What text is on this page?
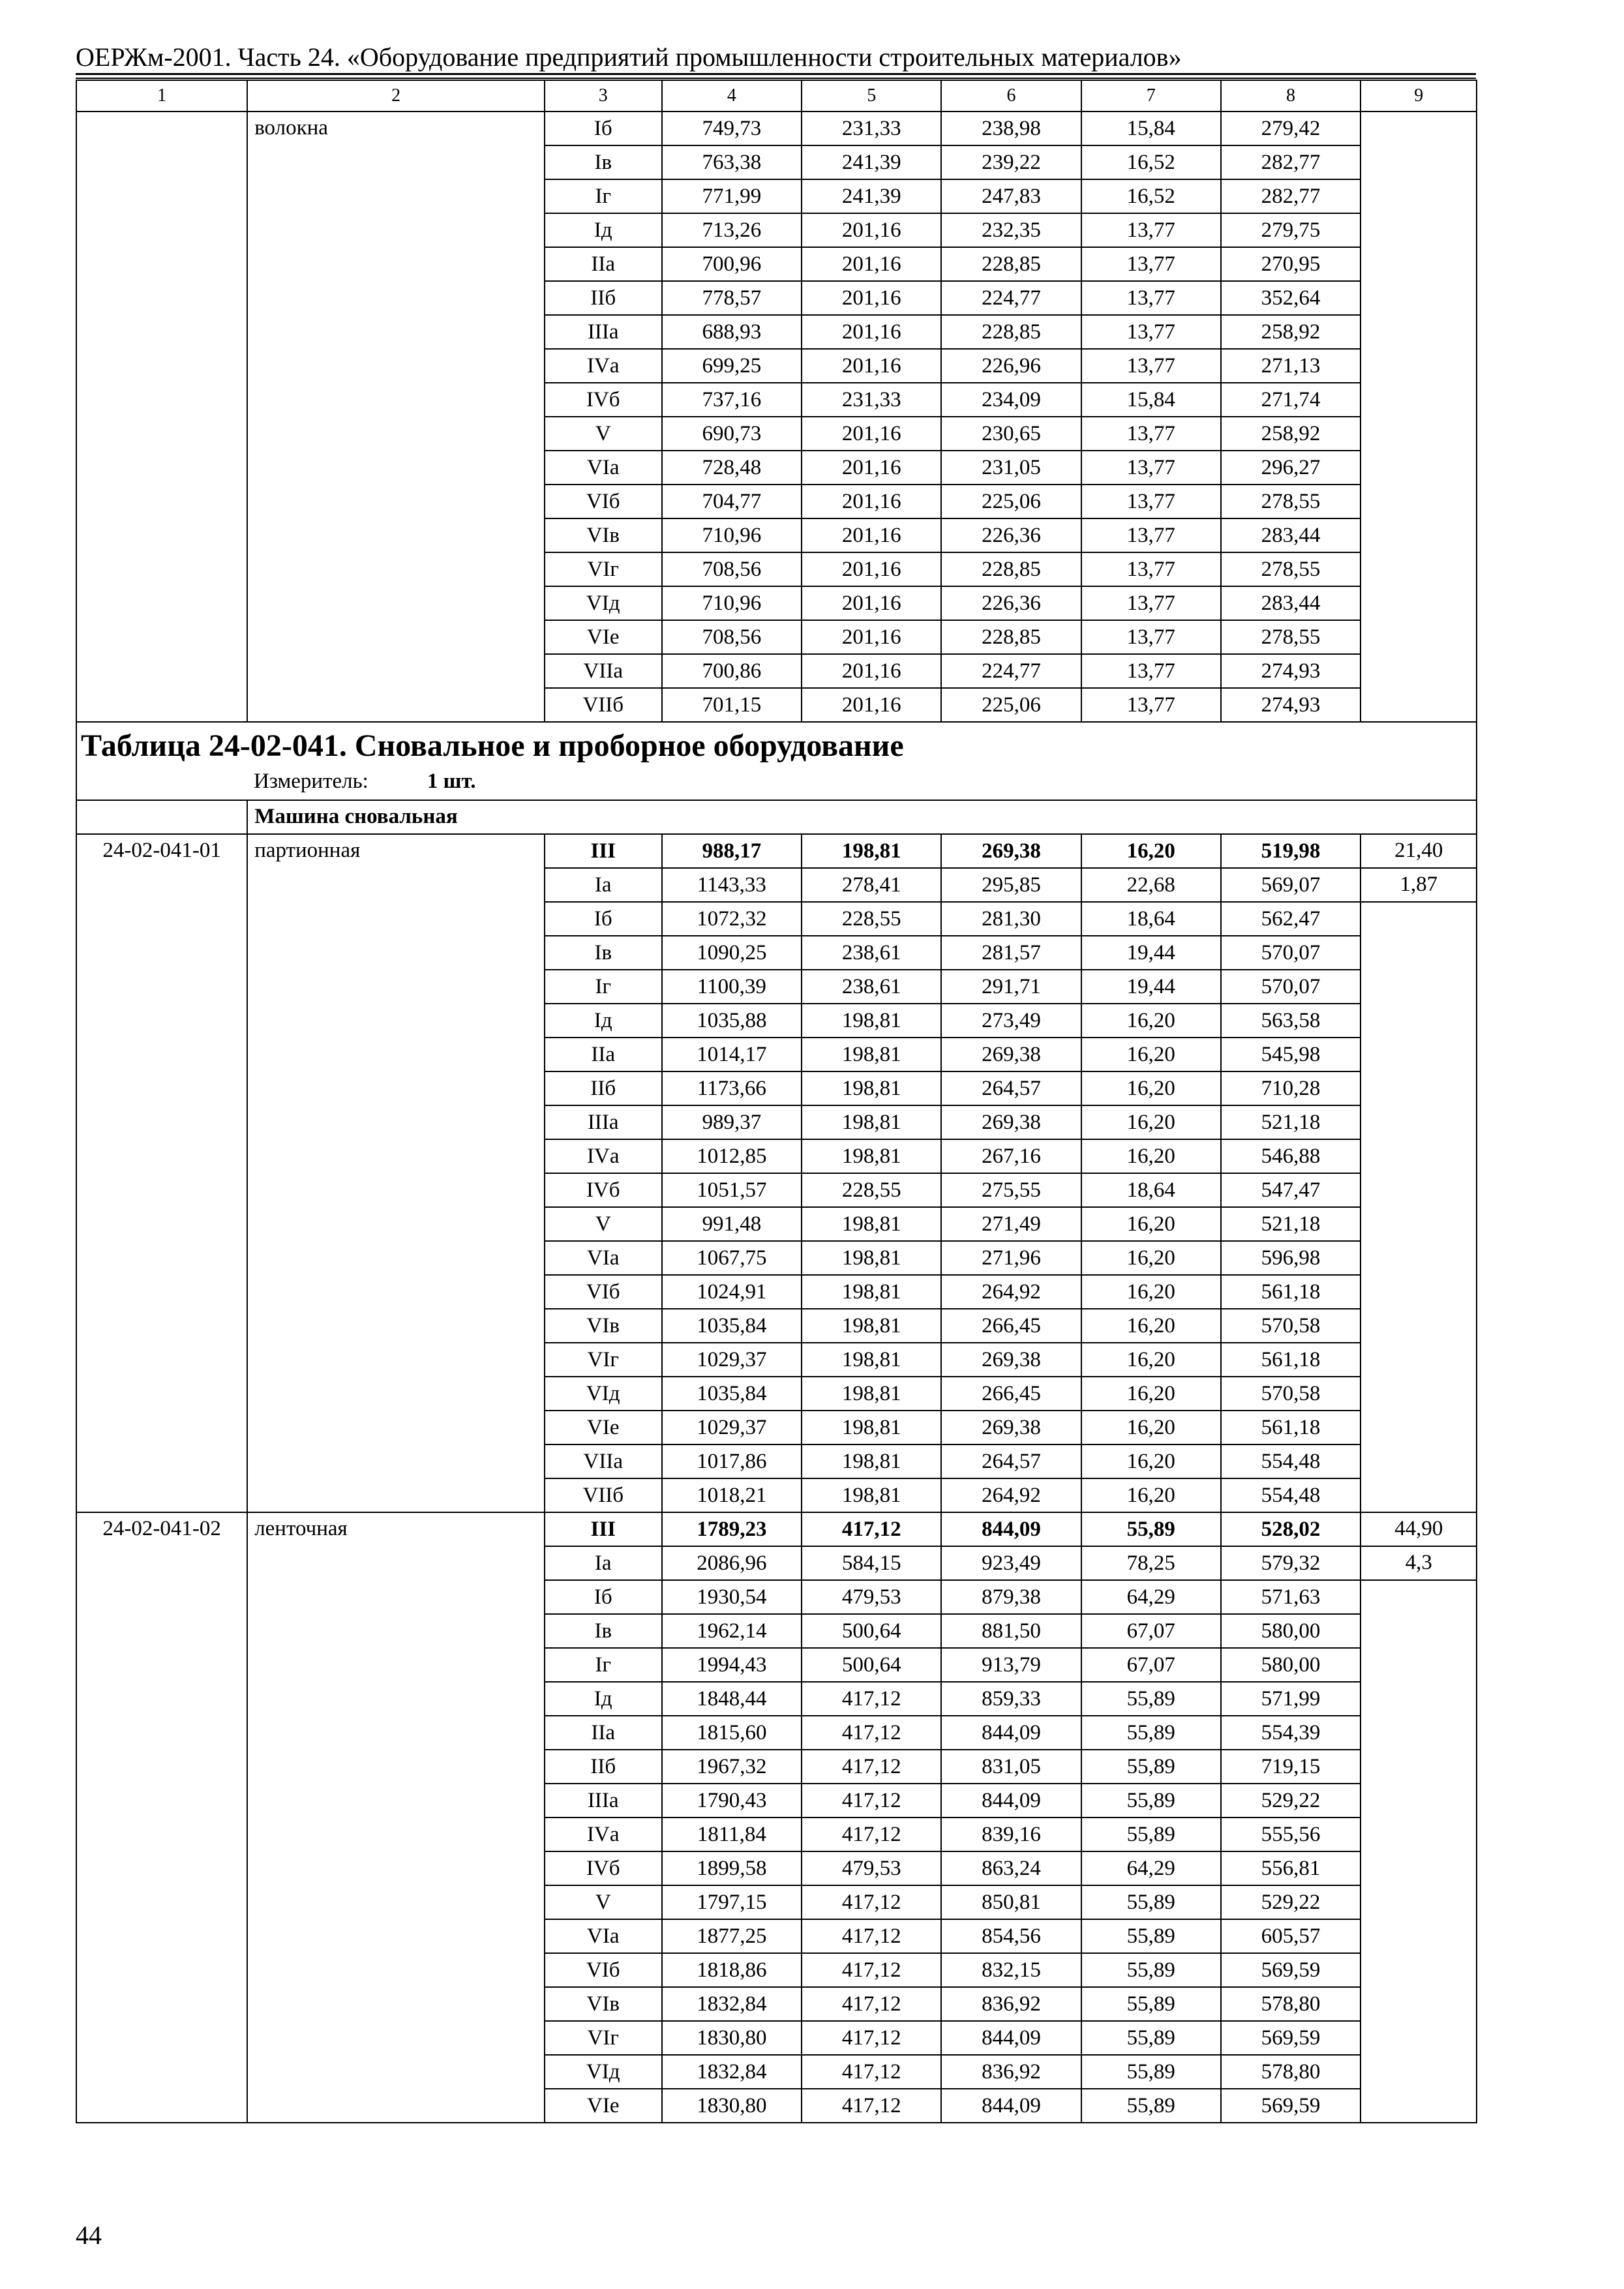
ОЕРЖм-2001. Часть 24. «Оборудование предприятий промышленности строительных материалов»
1	2	3	4	5	6	7	8	9
	волокна	Iб	749,73	231,33	238,98	15,84	279,42	
		Iв	763,38	241,39	239,22	16,52	282,77	
		Iг	771,99	241,39	247,83	16,52	282,77	
		Iд	713,26	201,16	232,35	13,77	279,75	
		IIа	700,96	201,16	228,85	13,77	270,95	
		IIб	778,57	201,16	224,77	13,77	352,64	
		IIIа	688,93	201,16	228,85	13,77	258,92	
		IVа	699,25	201,16	226,96	13,77	271,13	
		IVб	737,16	231,33	234,09	15,84	271,74	
		V	690,73	201,16	230,65	13,77	258,92	
		VIа	728,48	201,16	231,05	13,77	296,27	
		VIб	704,77	201,16	225,06	13,77	278,55	
		VIв	710,96	201,16	226,36	13,77	283,44	
		VIг	708,56	201,16	228,85	13,77	278,55	
		VIд	710,96	201,16	226,36	13,77	283,44	
		VIе	708,56	201,16	228,85	13,77	278,55	
		VIIа	700,86	201,16	224,77	13,77	274,93	
		VIIб	701,15	201,16	225,06	13,77	274,93	

Таблица 24-02-041. Сновальное и проборное оборудование
Измеритель: 1 шт.								

	Машина сновальная							
24-02-041-01	партионная	III	988,17	198,81	269,38	16,20	519,98	21,40
		Iа	1143,33	278,41	295,85	22,68	569,07	1,87
		Iб	1072,32	228,55	281,30	18,64	562,47	
		Iв	1090,25	238,61	281,57	19,44	570,07	
		Iг	1100,39	238,61	291,71	19,44	570,07	
		Iд	1035,88	198,81	273,49	16,20	563,58	
		IIа	1014,17	198,81	269,38	16,20	545,98	
		IIб	1173,66	198,81	264,57	16,20	710,28	
		IIIа	989,37	198,81	269,38	16,20	521,18	
		IVа	1012,85	198,81	267,16	16,20	546,88	
		IVб	1051,57	228,55	275,55	18,64	547,47	
		V	991,48	198,81	271,49	16,20	521,18	
		VIа	1067,75	198,81	271,96	16,20	596,98	
		VIб	1024,91	198,81	264,92	16,20	561,18	
		VIв	1035,84	198,81	266,45	16,20	570,58	
		VIг	1029,37	198,81	269,38	16,20	561,18	
		VIд	1035,84	198,81	266,45	16,20	570,58	
		VIе	1029,37	198,81	269,38	16,20	561,18	
		VIIа	1017,86	198,81	264,57	16,20	554,48	
		VIIб	1018,21	198,81	264,92	16,20	554,48	
24-02-041-02	ленточная	III	1789,23	417,12	844,09	55,89	528,02	44,90
		Iа	2086,96	584,15	923,49	78,25	579,32	4,3
		Iб	1930,54	479,53	879,38	64,29	571,63	
		Iв	1962,14	500,64	881,50	67,07	580,00	
		Iг	1994,43	500,64	913,79	67,07	580,00	
		Iд	1848,44	417,12	859,33	55,89	571,99	
		IIа	1815,60	417,12	844,09	55,89	554,39	
		IIб	1967,32	417,12	831,05	55,89	719,15	
		IIIа	1790,43	417,12	844,09	55,89	529,22	
		IVа	1811,84	417,12	839,16	55,89	555,56	
		IVб	1899,58	479,53	863,24	64,29	556,81	
		V	1797,15	417,12	850,81	55,89	529,22	
		VIа	1877,25	417,12	854,56	55,89	605,57	
		VIб	1818,86	417,12	832,15	55,89	569,59	
		VIв	1832,84	417,12	836,92	55,89	578,80	
		VIг	1830,80	417,12	844,09	55,89	569,59	
		VIд	1832,84	417,12	836,92	55,89	578,80	
		VIе	1830,80	417,12	844,09	55,89	569,59	
44
